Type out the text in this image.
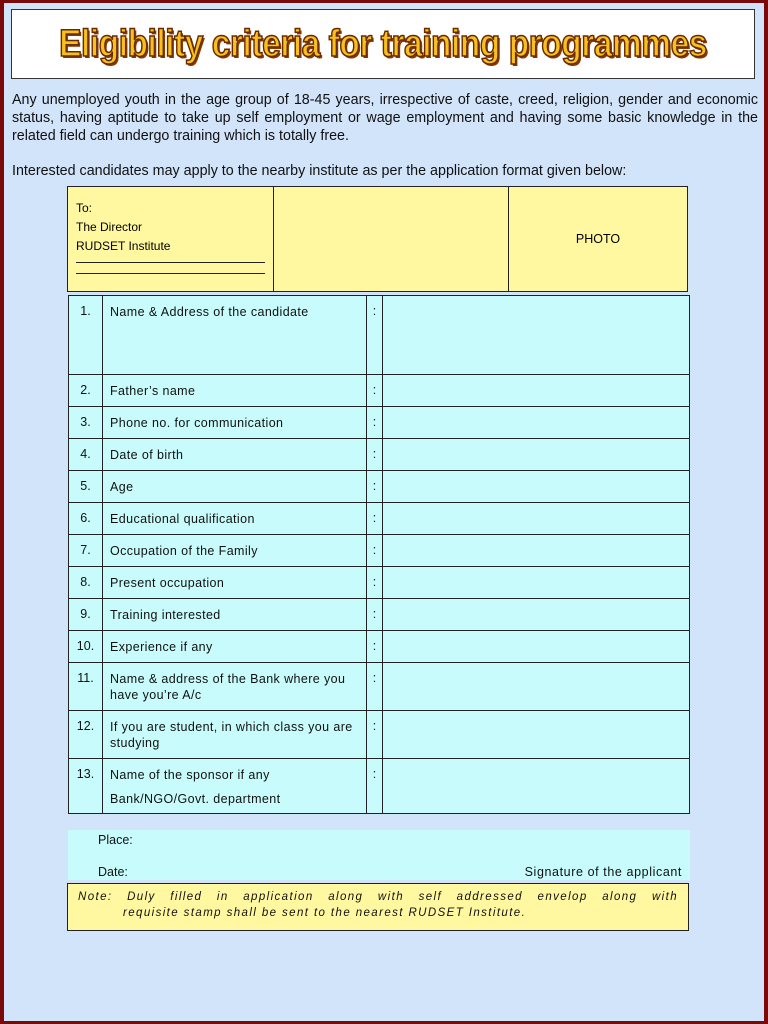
Eligibility criteria for training programmes
Any unemployed youth in the age group of 18-45 years, irrespective of caste, creed, religion, gender and economic status, having aptitude to take up self employment or wage employment and having some basic knowledge in the related field can undergo training which is totally free.
Interested candidates may apply to the nearby institute as per the application format given below:
To:
The Director
RUDSET Institute		PHOTO
1.	Name & Address of the candidate	:	
2.	Father’s name	:	
3.	Phone no. for communication	:	
4.	Date of birth	:	
5.	Age	:	
6.	Educational qualification	:	
7.	Occupation of the Family	:	
8.	Present occupation	:	
9.	Training interested	:	
10.	Experience if any	:	
11.	Name & address of the Bank where you have you’re A/c	:	
12.	If you are student, in which class you are studying	:	
13.	Name of the sponsor if any
Bank/NGO/Govt. department	:	
Place:
Date:	Signature of the applicant
Note: Duly filled in application along with self addressed envelop along with
requisite stamp shall be sent to the nearest RUDSET Institute.
